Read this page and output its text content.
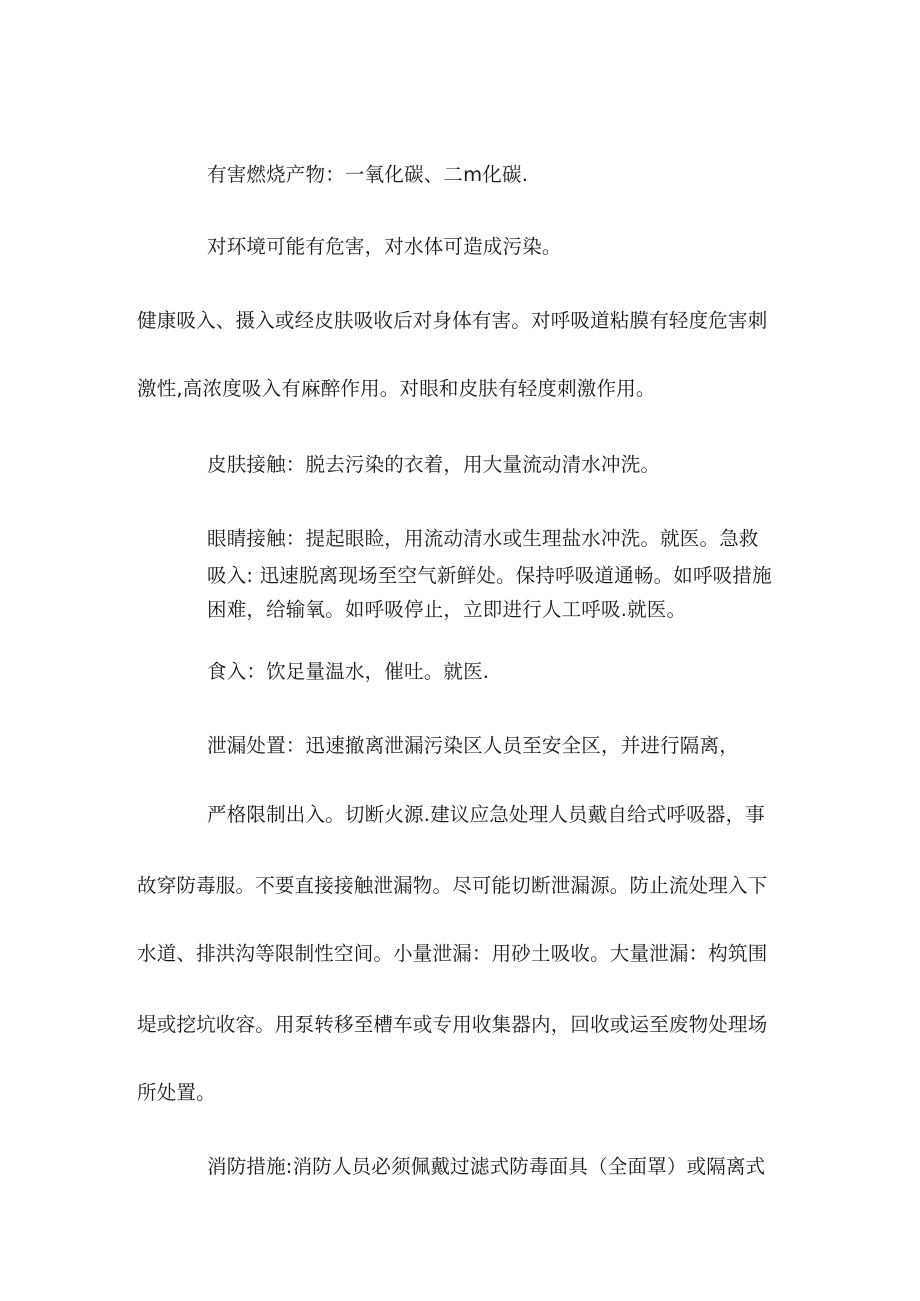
有害燃烧产物：一氧化碳、二m化碳.
对环境可能有危害，对水体可造成污染。
健康吸入、摄入或经皮肤吸收后对身体有害。对呼吸道粘膜有轻度危害刺
激性,高浓度吸入有麻醉作用。对眼和皮肤有轻度刺激作用。
皮肤接触：脱去污染的衣着，用大量流动清水冲洗。
眼睛接触：提起眼睑，用流动清水或生理盐水冲洗。就医。急救
吸入: 迅速脱离现场至空气新鲜处。保持呼吸道通畅。如呼吸措施
困难，给输氧。如呼吸停止，立即进行人工呼吸.就医。
食入：饮足量温水，催吐。就医.
泄漏处置：迅速撤离泄漏污染区人员至安全区，并进行隔离，
严格限制出入。切断火源.建议应急处理人员戴自给式呼吸器，事
故穿防毒服。不要直接接触泄漏物。尽可能切断泄漏源。防止流处理入下
水道、排洪沟等限制性空间。小量泄漏：用砂土吸收。大量泄漏：构筑围
堤或挖坑收容。用泵转移至槽车或专用收集器内，回收或运至废物处理场
所处置。
消防措施:消防人员必须佩戴过滤式防毒面具（全面罩）或隔离式
